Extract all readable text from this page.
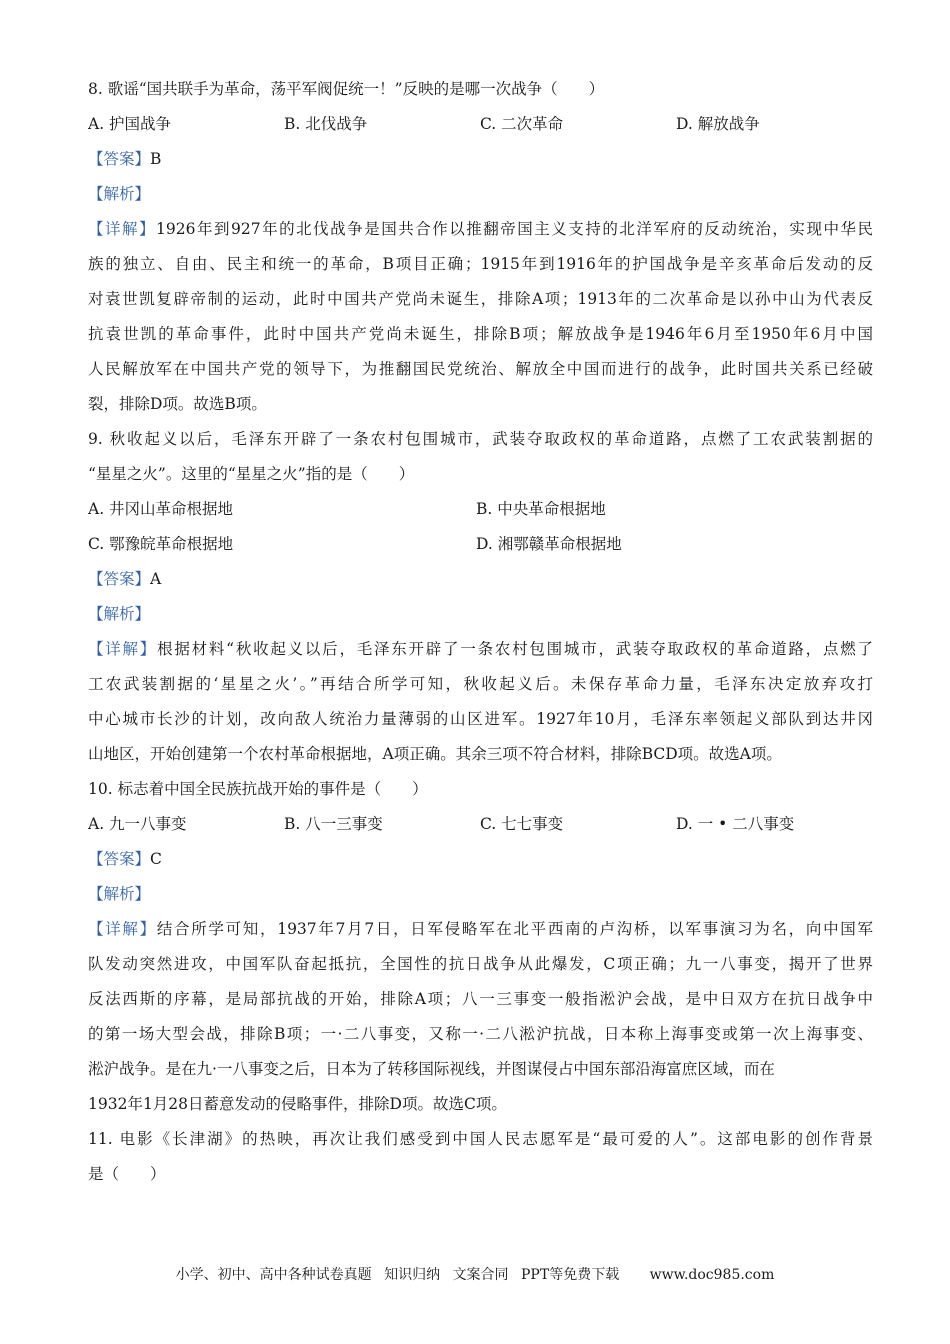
8. 歌谣“国共联手为革命，荡平军阀促统一！”反映的是哪一次战争（　　）
A. 护国战争	B. 北伐战争	C. 二次革命	D. 解放战争
【答案】B
【解析】
【详解】1926年到927年的北伐战争是国共合作以推翻帝国主义支持的北洋军府的反动统治，实现中华民
族的独立、自由、民主和统一的革命，B项目正确；1915年到1916年的护国战争是辛亥革命后发动的反
对袁世凯复辟帝制的运动，此时中国共产党尚未诞生，排除A项；1913年的二次革命是以孙中山为代表反
抗袁世凯的革命事件，此时中国共产党尚未诞生，排除B项；解放战争是1946年6月至1950年6月中国
人民解放军在中国共产党的领导下，为推翻国民党统治、解放全中国而进行的战争，此时国共关系已经破
裂，排除D项。故选B项。
9. 秋收起义以后，毛泽东开辟了一条农村包围城市，武装夺取政权的革命道路，点燃了工农武装割据的
“星星之火”。这里的“星星之火”指的是（　　）
A. 井冈山革命根据地	B. 中央革命根据地
C. 鄂豫皖革命根据地	D. 湘鄂赣革命根据地
【答案】A
【解析】
【详解】根据材料“秋收起义以后，毛泽东开辟了一条农村包围城市，武装夺取政权的革命道路，点燃了
工农武装割据的‘星星之火’。”再结合所学可知，秋收起义后。未保存革命力量，毛泽东决定放弃攻打
中心城市长沙的计划，改向敌人统治力量薄弱的山区进军。1927年10月，毛泽东率领起义部队到达井冈
山地区，开始创建第一个农村革命根据地，A项正确。其余三项不符合材料，排除BCD项。故选A项。
10. 标志着中国全民族抗战开始的事件是（　　）
A. 九一八事变	B. 八一三事变	C. 七七事变	D. 一 • 二八事变
【答案】C
【解析】
【详解】结合所学可知，1937年7月7日，日军侵略军在北平西南的卢沟桥，以军事演习为名，向中国军
队发动突然进攻，中国军队奋起抵抗，全国性的抗日战争从此爆发，C项正确；九一八事变，揭开了世界
反法西斯的序幕，是局部抗战的开始，排除A项；八一三事变一般指淞沪会战，是中日双方在抗日战争中
的第一场大型会战，排除B项；一·二八事变，又称一·二八淞沪抗战，日本称上海事变或第一次上海事变、
淞沪战争。是在九·一八事变之后，日本为了转移国际视线，并图谋侵占中国东部沿海富庶区域，而在
1932年1月28日蓄意发动的侵略事件，排除D项。故选C项。
11. 电影《长津湖》的热映，再次让我们感受到中国人民志愿军是“最可爱的人”。这部电影的创作背景
是（　　）
小学、初中、高中各种试卷真题 知识归纳 文案合同 PPT等免费下载 www.doc985.com
